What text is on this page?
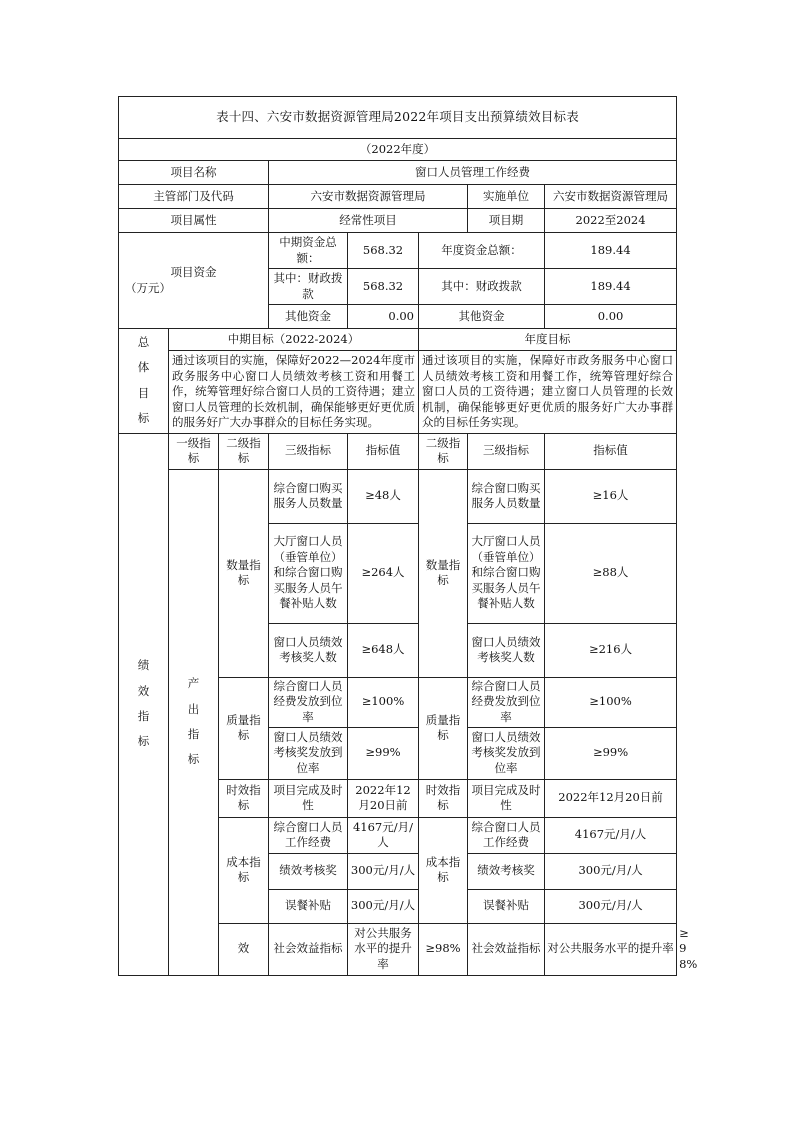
表十四、六安市数据资源管理局2022年项目支出预算绩效目标表								
（2022年度）								
项目名称			窗口人员管理工作经费					
主管部门及代码			六安市数据资源管理局			实施单位	六安市数据资源管理局	
项目属性			经常性项目			项目期	2022至2024	

项目资金
（万元）			中期资金总额：	568.32	年度资金总额：		189.44	
			其中：财政拨款	568.32	其中：财政拨款		189.44	
			其他资金	0.00	其他资金		0.00	

总
体
目
标	中期目标（2022-2024）				年度目标			
	通过该项目的实施，保障好2022—2024年度市政务服务中心窗口人员绩效考核工资和用餐工作，统筹管理好综合窗口人员的工资待遇；建立窗口人员管理的长效机制，确保能够更好更优质的服务好广大办事群众的目标任务实现。				通过该项目的实施，保障好市政务服务中心窗口人员绩效考核工资和用餐工作，统筹管理好综合窗口人员的工资待遇；建立窗口人员管理的长效机制，确保能够更好更优质的服务好广大办事群众的目标任务实现。			

绩
效
指
标	一级指标	二级指标	三级指标	指标值	二级指标	三级指标	指标值	

	产
出
指
标	数量指标	综合窗口购买服务人员数量	≥48人	数量指标	综合窗口购买服务人员数量	≥16人	
			大厅窗口人员（垂管单位）和综合窗口购买服务人员午餐补贴人数	≥264人		大厅窗口人员（垂管单位）和综合窗口购买服务人员午餐补贴人数	≥88人	
			窗口人员绩效考核奖人数	≥648人		窗口人员绩效考核奖人数	≥216人	
		质量指标	综合窗口人员经费发放到位率	≥100%	质量指标	综合窗口人员经费发放到位率	≥100%	
			窗口人员绩效考核奖发放到位率	≥99%		窗口人员绩效考核奖发放到位率	≥99%	
		时效指标	项目完成及时性	2022年12月20日前	时效指标	项目完成及时性	2022年12月20日前	
		成本指标	综合窗口人员工作经费	4167元/月/人	成本指标	综合窗口人员工作经费	4167元/月/人	
			绩效考核奖	300元/月/人		绩效考核奖	300元/月/人	
			误餐补贴	300元/月/人		误餐补贴	300元/月/人	
		效	社会效益指标	对公共服务水平的提升率	≥98%	社会效益指标	对公共服务水平的提升率	≥98%
